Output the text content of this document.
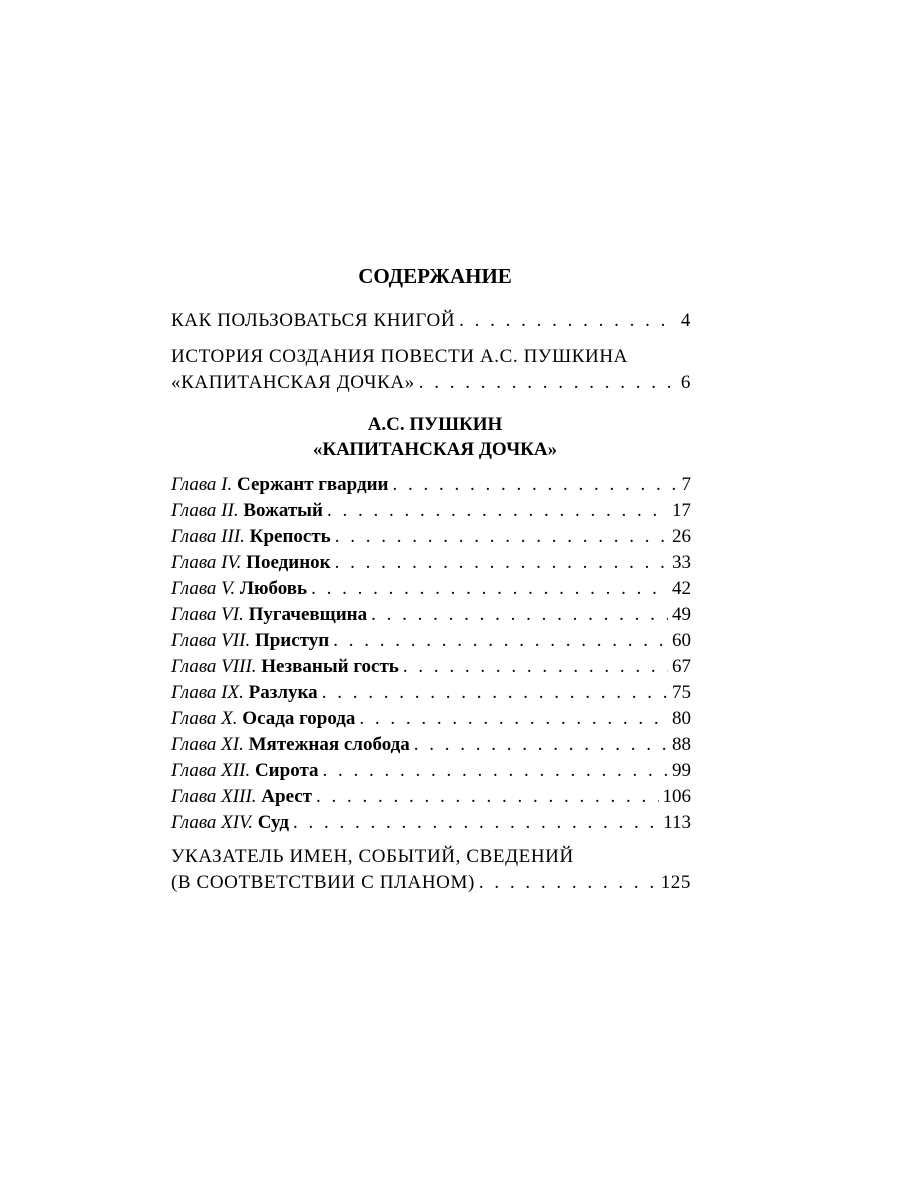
СОДЕРЖАНИЕ
КАК ПОЛЬЗОВАТЬСЯ КНИГОЙ . . .	4
ИСТОРИЯ СОЗДАНИЯ ПОВЕСТИ А.С. ПУШКИНА
«КАПИТАНСКАЯ ДОЧКА» . . .	6
А.С. ПУШКИН
«КАПИТАНСКАЯ ДОЧКА»
Глава I. Сержант гвардии . . .	7
Глава II. Вожатый . . .	17
Глава III. Крепость . . .	26
Глава IV. Поединок . . .	33
Глава V. Любовь . . .	42
Глава VI. Пугачевщина . . .	49
Глава VII. Приступ . . .	60
Глава VIII. Незваный гость . . .	67
Глава IX. Разлука . . .	75
Глава X. Осада города . . .	80
Глава XI. Мятежная слобода . . .	88
Глава XII. Сирота . . .	99
Глава XIII. Арест . . .	106
Глава XIV. Суд . . .	113
УКАЗАТЕЛЬ ИМЕН, СОБЫТИЙ, СВЕДЕНИЙ
(В СООТВЕТСТВИИ С ПЛАНОМ) . . .	125
